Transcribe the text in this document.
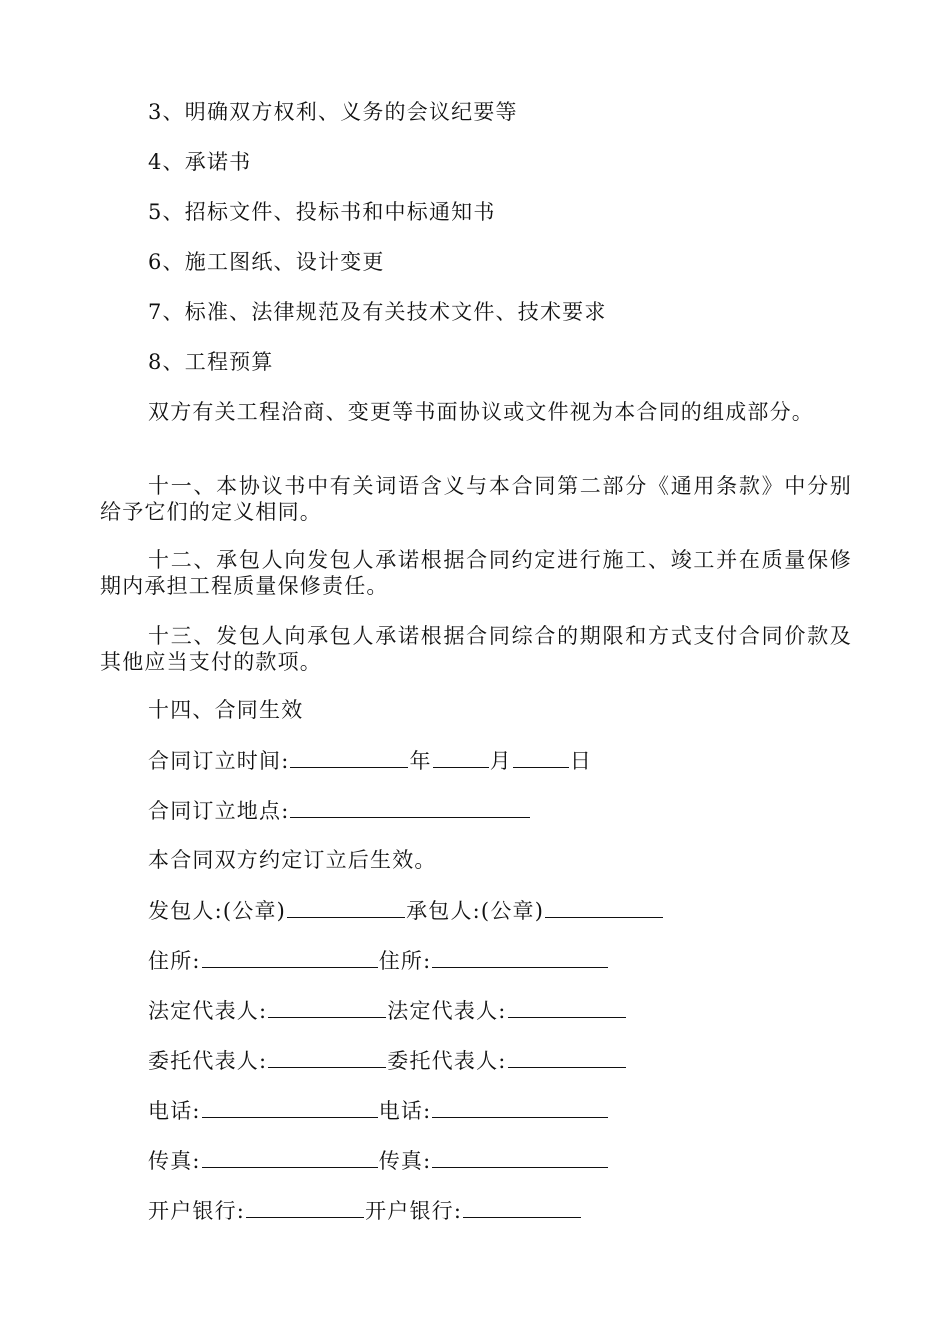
3、明确双方权利、义务的会议纪要等
4、承诺书
5、招标文件、投标书和中标通知书
6、施工图纸、设计变更
7、标准、法律规范及有关技术文件、技术要求
8、工程预算
双方有关工程洽商、变更等书面协议或文件视为本合同的组成部分。
十一、本协议书中有关词语含义与本合同第二部分《通用条款》中分别给予它们的定义相同。
十二、承包人向发包人承诺根据合同约定进行施工、竣工并在质量保修期内承担工程质量保修责任。
十三、发包人向承包人承诺根据合同综合的期限和方式支付合同价款及其他应当支付的款项。
十四、合同生效
合同订立时间:	年	月	日
合同订立地点:
本合同双方约定订立后生效。
发包人:(公章)	承包人:(公章)
住所:	住所:
法定代表人:	法定代表人:
委托代表人:	委托代表人:
电话:	电话:
传真:	传真:
开户银行:	开户银行:
